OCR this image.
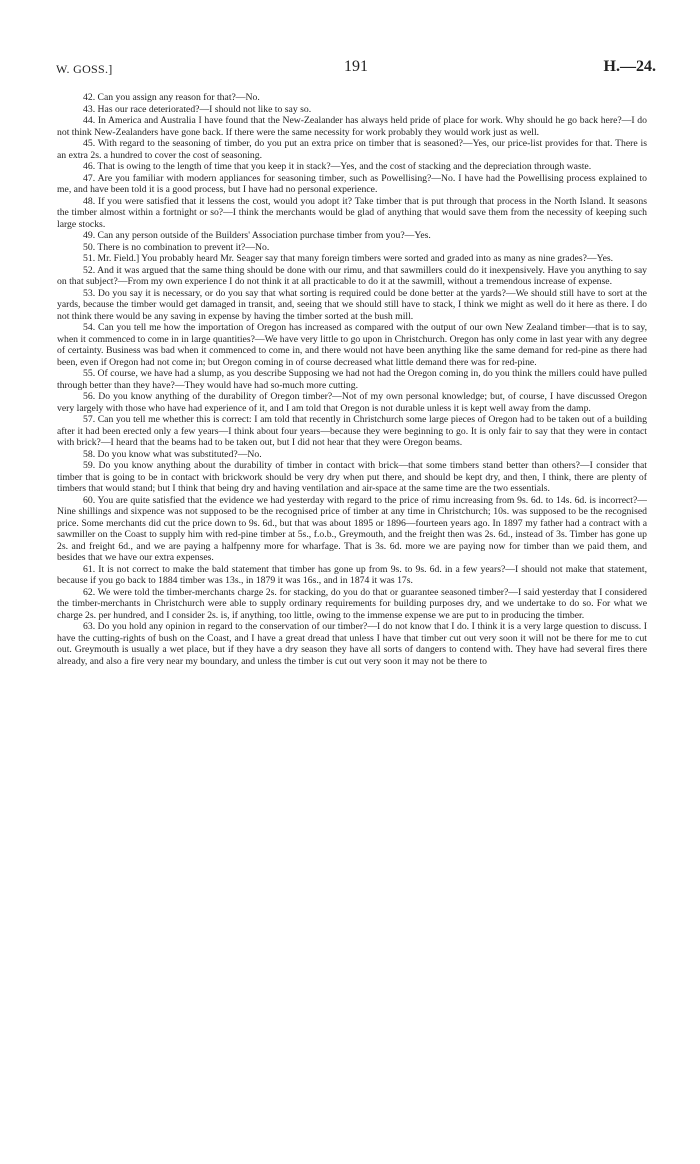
W. GOSS.]	191	H.—24.

42. Can you assign any reason for that?—No.

43. Has our race deteriorated?—I should not like to say so.

44. In America and Australia I have found that the New-Zealander has always held pride of place for work. Why should he go back here?—I do not think New-Zealanders have gone back. If there were the same necessity for work probably they would work just as well.

45. With regard to the seasoning of timber, do you put an extra price on timber that is seasoned?—Yes, our price-list provides for that. There is an extra 2s. a hundred to cover the cost of seasoning.

46. That is owing to the length of time that you keep it in stack?—Yes, and the cost of stacking and the depreciation through waste.

47. Are you familiar with modern appliances for seasoning timber, such as Powellising?—No. I have had the Powellising process explained to me, and have been told it is a good process, but I have had no personal experience.

48. If you were satisfied that it lessens the cost, would you adopt it? Take timber that is put through that process in the North Island. It seasons the timber almost within a fortnight or so?—I think the merchants would be glad of anything that would save them from the necessity of keeping such large stocks.

49. Can any person outside of the Builders' Association purchase timber from you?—Yes.

50. There is no combination to prevent it?—No.

51. Mr. Field.] You probably heard Mr. Seager say that many foreign timbers were sorted and graded into as many as nine grades?—Yes.

52. And it was argued that the same thing should be done with our rimu, and that sawmillers could do it inexpensively. Have you anything to say on that subject?—From my own experience I do not think it at all practicable to do it at the sawmill, without a tremendous increase of expense.

53. Do you say it is necessary, or do you say that what sorting is required could be done better at the yards?—We should still have to sort at the yards, because the timber would get damaged in transit, and, seeing that we should still have to stack, I think we might as well do it here as there. I do not think there would be any saving in expense by having the timber sorted at the bush mill.

54. Can you tell me how the importation of Oregon has increased as compared with the output of our own New Zealand timber—that is to say, when it commenced to come in in large quantities?—We have very little to go upon in Christchurch. Oregon has only come in last year with any degree of certainty. Business was bad when it commenced to come in, and there would not have been anything like the same demand for red-pine as there had been, even if Oregon had not come in; but Oregon coming in of course decreased what little demand there was for red-pine.

55. Of course, we have had a slump, as you describe Supposing we had not had the Oregon coming in, do you think the millers could have pulled through better than they have?—They would have had so-much more cutting.

56. Do you know anything of the durability of Oregon timber?—Not of my own personal knowledge; but, of course, I have discussed Oregon very largely with those who have had experience of it, and I am told that Oregon is not durable unless it is kept well away from the damp.

57. Can you tell me whether this is correct: I am told that recently in Christchurch some large pieces of Oregon had to be taken out of a building after it had been erected only a few years—I think about four years—because they were beginning to go. It is only fair to say that they were in contact with brick?—I heard that the beams had to be taken out, but I did not hear that they were Oregon beams.

58. Do you know what was substituted?—No.

59. Do you know anything about the durability of timber in contact with brick—that some timbers stand better than others?—I consider that timber that is going to be in contact with brickwork should be very dry when put there, and should be kept dry, and then, I think, there are plenty of timbers that would stand; but I think that being dry and having ventilation and air-space at the same time are the two essentials.

60. You are quite satisfied that the evidence we had yesterday with regard to the price of rimu increasing from 9s. 6d. to 14s. 6d. is incorrect?—Nine shillings and sixpence was not supposed to be the recognised price of timber at any time in Christchurch; 10s. was supposed to be the recognised price. Some merchants did cut the price down to 9s. 6d., but that was about 1895 or 1896—fourteen years ago. In 1897 my father had a contract with a sawmiller on the Coast to supply him with red-pine timber at 5s., f.o.b., Greymouth, and the freight then was 2s. 6d., instead of 3s. Timber has gone up 2s. and freight 6d., and we are paying a halfpenny more for wharfage. That is 3s. 6d. more we are paying now for timber than we paid them, and besides that we have our extra expenses.

61. It is not correct to make the bald statement that timber has gone up from 9s. to 9s. 6d. in a few years?—I should not make that statement, because if you go back to 1884 timber was 13s., in 1879 it was 16s., and in 1874 it was 17s.

62. We were told the timber-merchants charge 2s. for stacking, do you do that or guarantee seasoned timber?—I said yesterday that I considered the timber-merchants in Christchurch were able to supply ordinary requirements for building purposes dry, and we undertake to do so. For what we charge 2s. per hundred, and I consider 2s. is, if anything, too little, owing to the immense expense we are put to in producing the timber.

63. Do you hold any opinion in regard to the conservation of our timber?—I do not know that I do. I think it is a very large question to discuss. I have the cutting-rights of bush on the Coast, and I have a great dread that unless I have that timber cut out very soon it will not be there for me to cut out. Greymouth is usually a wet place, but if they have a dry season they have all sorts of dangers to contend with. They have had several fires there already, and also a fire very near my boundary, and unless the timber is cut out very soon it may not be there to
